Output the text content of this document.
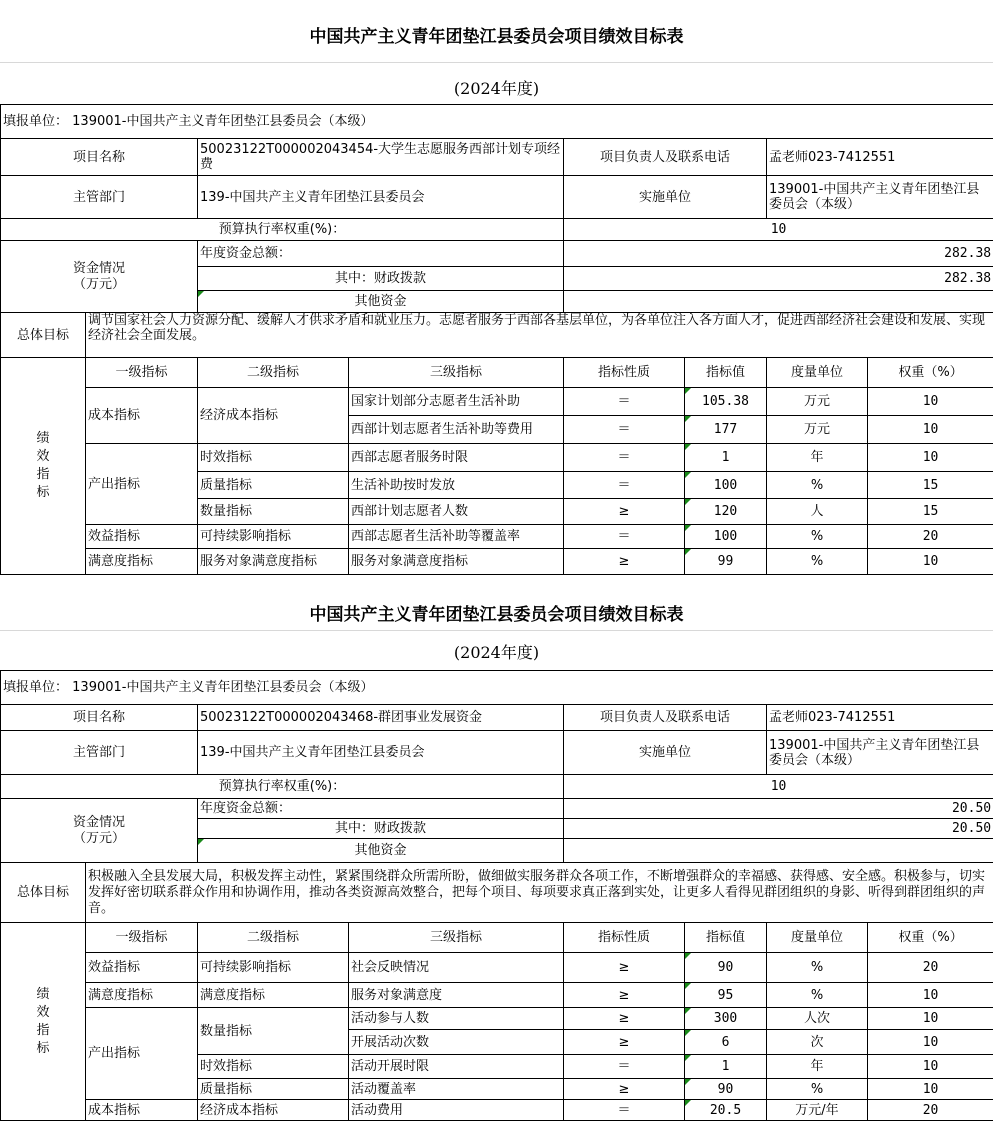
中国共产主义青年团垫江县委员会项目绩效目标表
(2024年度)
填报单位： 139001-中国共产主义青年团垫江县委员会（本级）							
项目名称		50023122T000002043454-大学生志愿服务西部计划专项经费		项目负责人及联系电话		孟老师023-7412551	
主管部门		139-中国共产主义青年团垫江县委员会		实施单位		139001-中国共产主义青年团垫江县委员会（本级）	
预算执行率权重(%)：				10			
资金情况（万元）		年度资金总额：		282.38			
		其中：财政拨款		282.38			
		其他资金					
总体目标	调节国家社会人力资源分配、缓解人才供求矛盾和就业压力。志愿者服务于西部各基层单位，为各单位注入各方面人才，促进西部经济社会建设和发展、实现经济社会全面发展。						
绩效指标	一级指标	二级指标	三级指标	指标性质	指标值	度量单位	权重（%）
	成本指标	经济成本指标	国家计划部分志愿者生活补助	＝	105.38	万元	10
			西部计划志愿者生活补助等费用	＝	177	万元	10
	产出指标	时效指标	西部志愿者服务时限	＝	1	年	10
		质量指标	生活补助按时发放	＝	100	%	15
		数量指标	西部计划志愿者人数	≥	120	人	15
	效益指标	可持续影响指标	西部志愿者生活补助等覆盖率	＝	100	%	20
	满意度指标	服务对象满意度指标	服务对象满意度指标	≥	99	%	10
中国共产主义青年团垫江县委员会项目绩效目标表
(2024年度)
填报单位： 139001-中国共产主义青年团垫江县委员会（本级）							
项目名称		50023122T000002043468-群团事业发展资金		项目负责人及联系电话		孟老师023-7412551	
主管部门		139-中国共产主义青年团垫江县委员会		实施单位		139001-中国共产主义青年团垫江县委员会（本级）	
预算执行率权重(%)：				10			
资金情况（万元）		年度资金总额：		20.50			
		其中：财政拨款		20.50			
		其他资金					
总体目标	积极融入全县发展大局，积极发挥主动性，紧紧围绕群众所需所盼，做细做实服务群众各项工作，不断增强群众的幸福感、获得感、安全感。积极参与，切实发挥好密切联系群众作用和协调作用，推动各类资源高效整合，把每个项目、每项要求真正落到实处，让更多人看得见群团组织的身影、听得到群团组织的声音。						
绩效指标	一级指标	二级指标	三级指标	指标性质	指标值	度量单位	权重（%）
	效益指标	可持续影响指标	社会反映情况	≥	90	%	20
	满意度指标	满意度指标	服务对象满意度	≥	95	%	10
	产出指标	数量指标	活动参与人数	≥	300	人次	10
			开展活动次数	≥	6	次	10
		时效指标	活动开展时限	＝	1	年	10
		质量指标	活动覆盖率	≥	90	%	10
	成本指标	经济成本指标	活动费用	＝	20.5	万元/年	20
